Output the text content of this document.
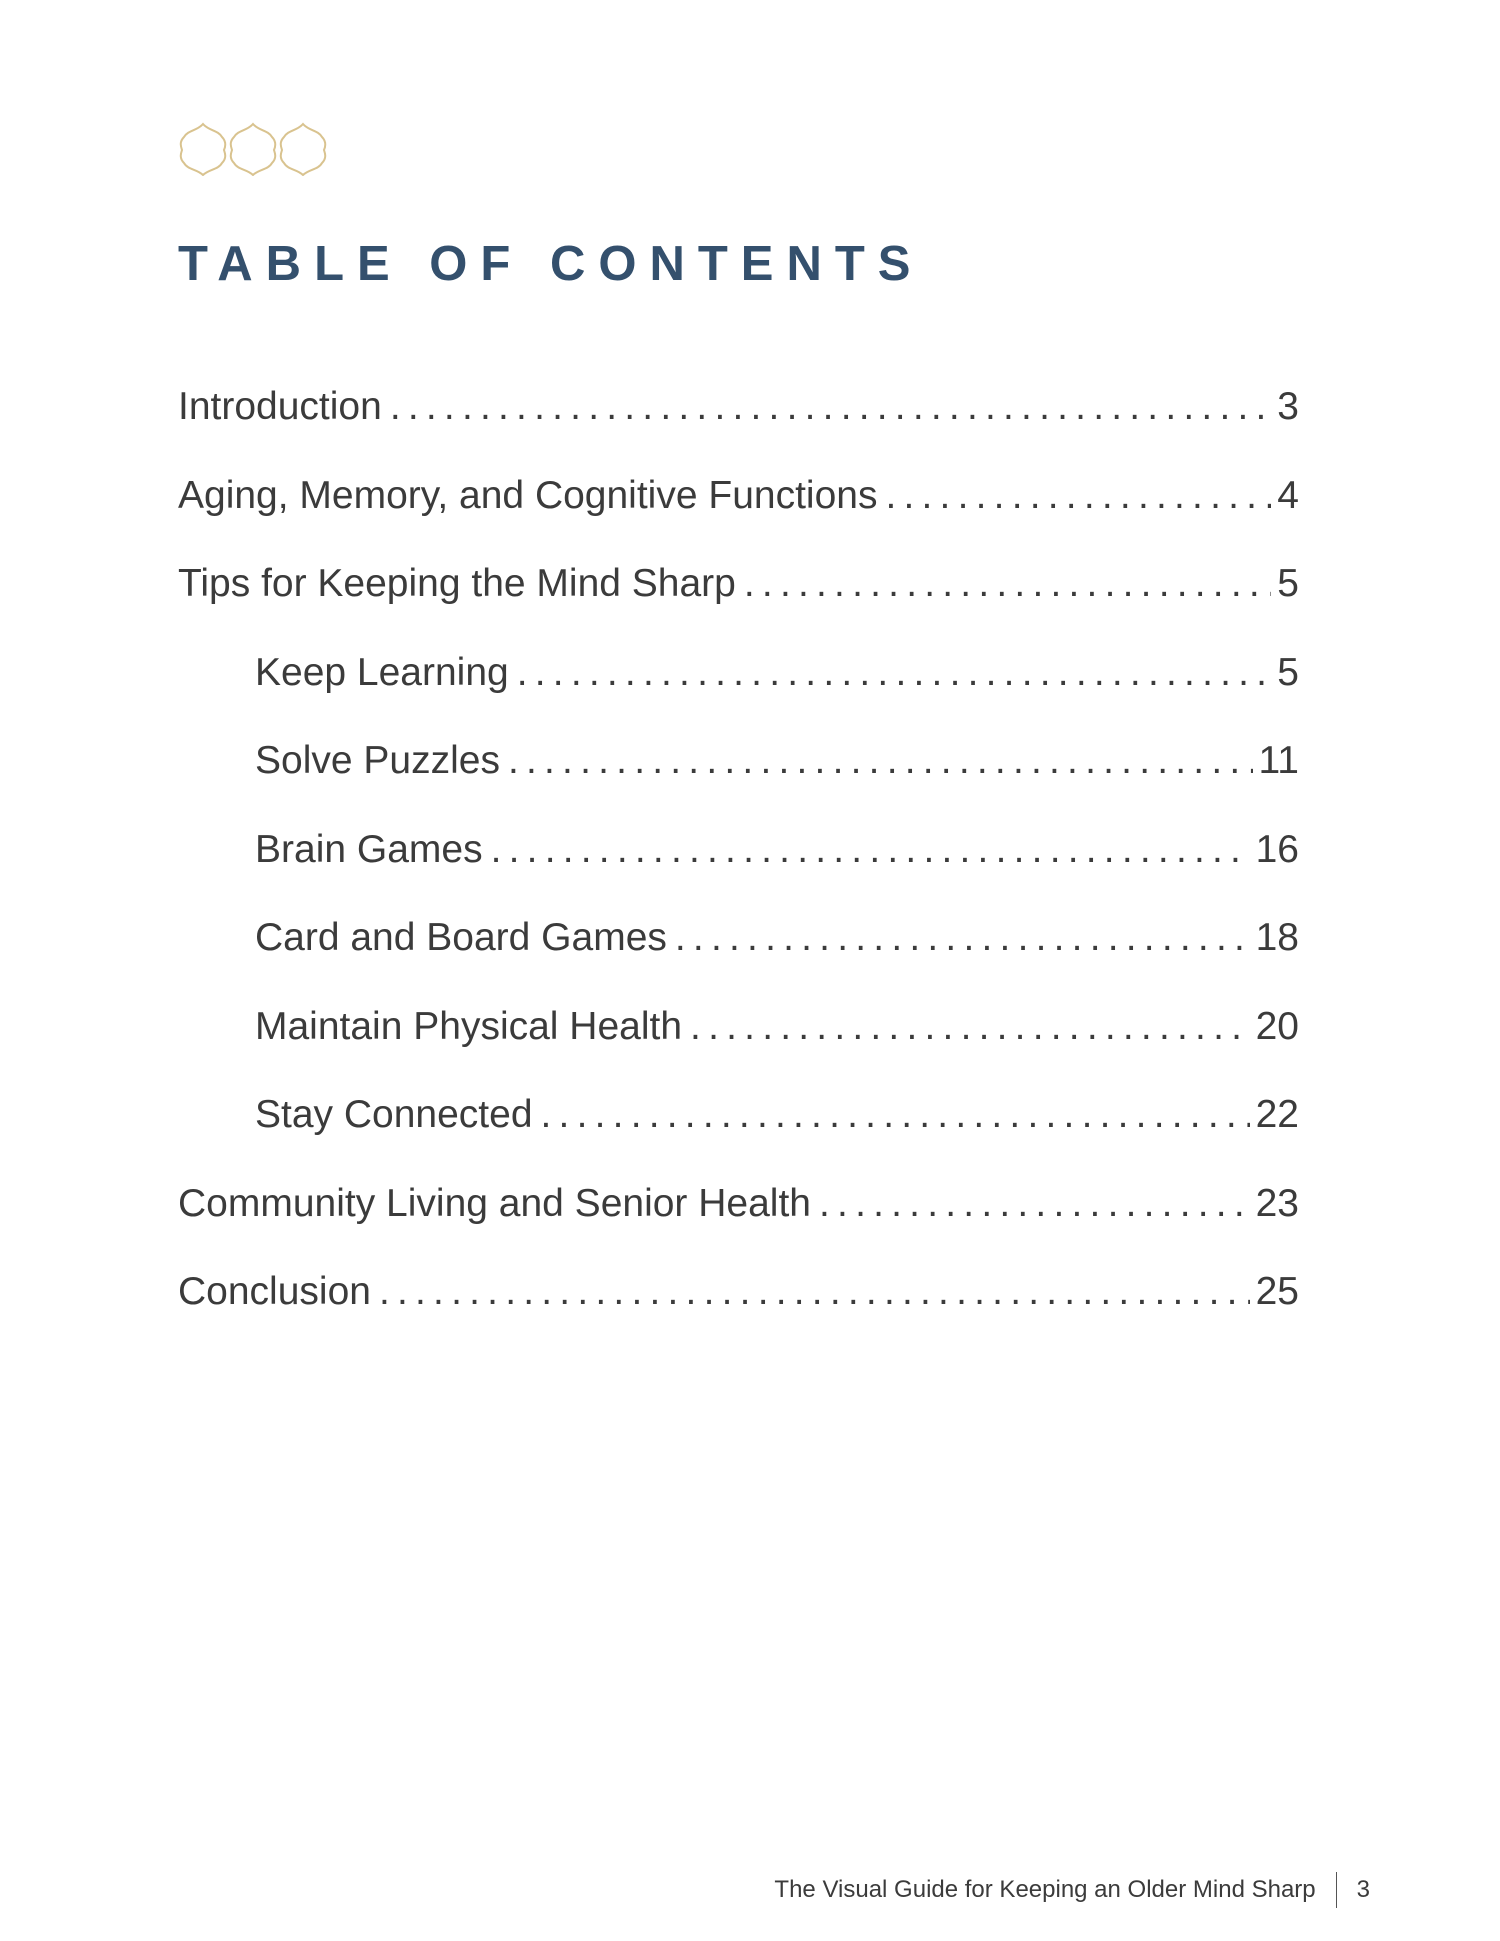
TABLE OF CONTENTS
Introduction .....	3
Aging, Memory, and Cognitive Functions .....	4
Tips for Keeping the Mind Sharp .....	5
Keep Learning .....	5
Solve Puzzles .....	11
Brain Games .....	16
Card and Board Games .....	18
Maintain Physical Health .....	20
Stay Connected .....	22
Community Living and Senior Health .....	23
Conclusion .....	25
The Visual Guide for Keeping an Older Mind Sharp 3
